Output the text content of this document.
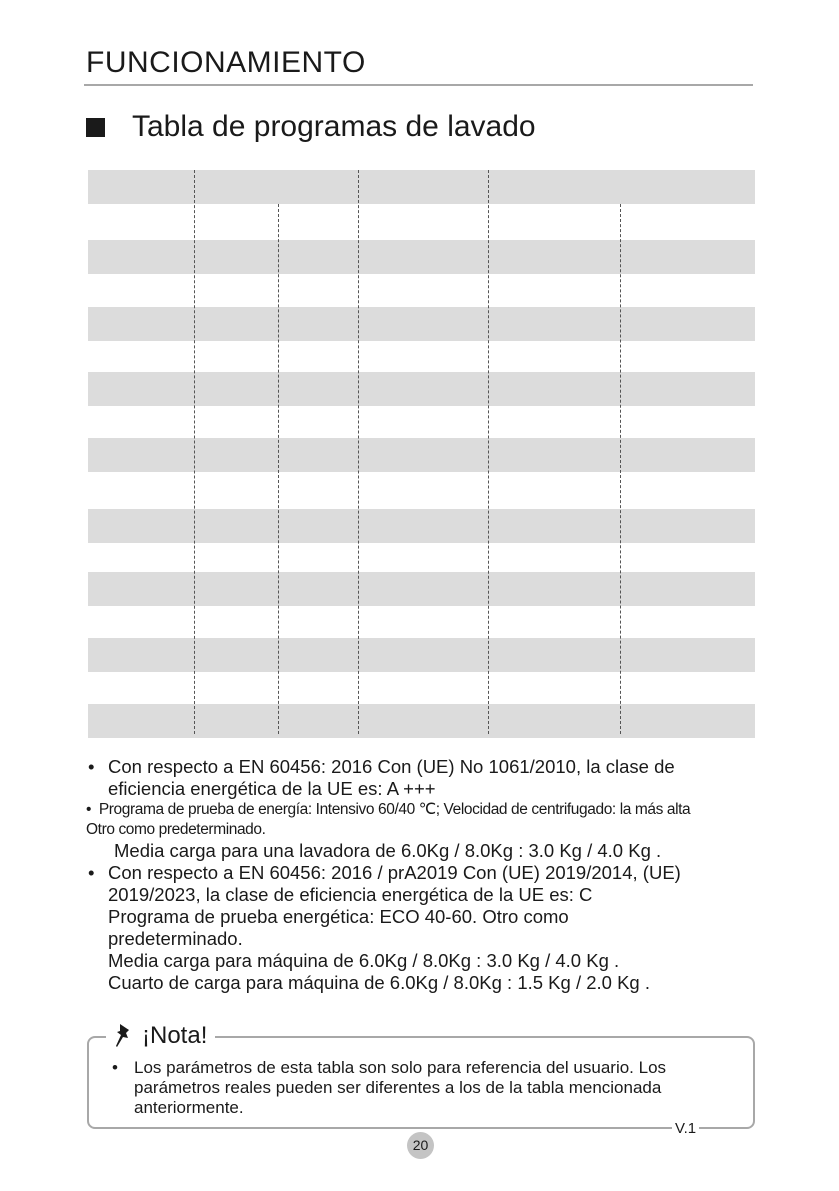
FUNCIONAMIENTO
Tabla de programas de lavado
• Con respecto a EN 60456: 2016 Con (UE) No 1061/2010, la clase de
eficiencia energética de la UE es: A +++
• Programa de prueba de energía: Intensivo 60/40 ℃; Velocidad de centrifugado: la más alta
Otro como predeterminado.
Media carga para una lavadora de 6.0Kg / 8.0Kg : 3.0 Kg / 4.0 Kg .
• Con respecto a EN 60456: 2016 / prA2019 Con (UE) 2019/2014, (UE)
2019/2023, la clase de eficiencia energética de la UE es: C
Programa de prueba energética: ECO 40-60. Otro como
predeterminado.
Media carga para máquina de 6.0Kg / 8.0Kg : 3.0 Kg / 4.0 Kg .
Cuarto de carga para máquina de 6.0Kg / 8.0Kg : 1.5 Kg / 2.0 Kg .
¡Nota!
• Los parámetros de esta tabla son solo para referencia del usuario. Los parámetros reales pueden ser diferentes a los de la tabla mencionada anteriormente.
V.1
20
